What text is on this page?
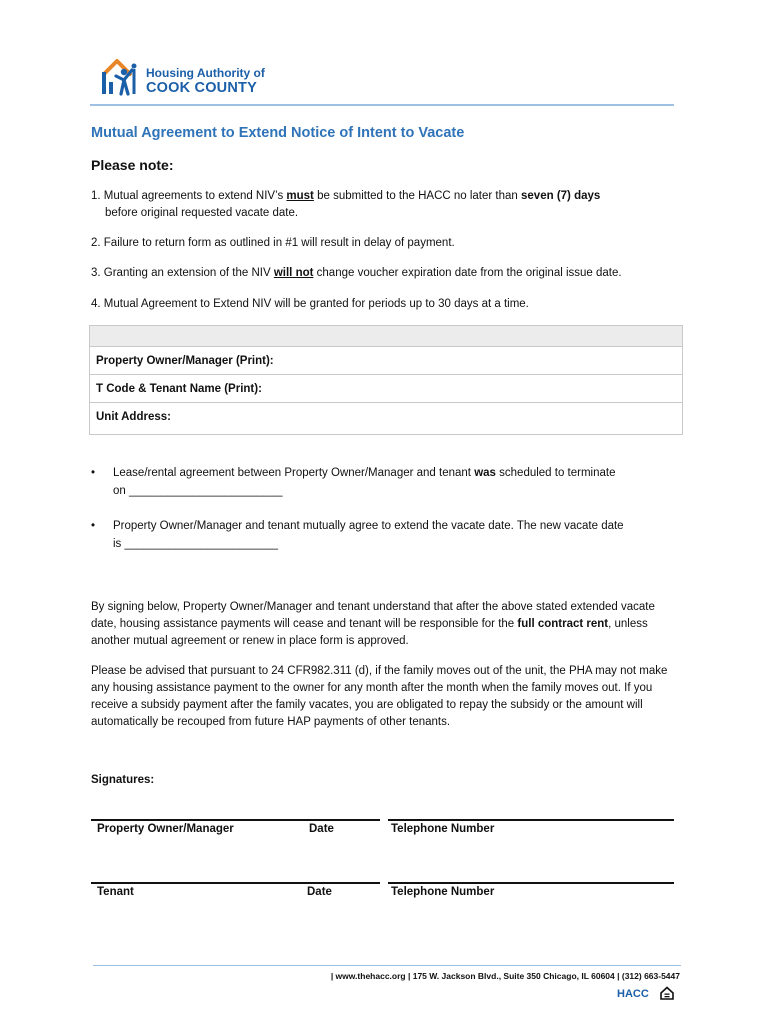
Housing Authority of
COOK COUNTY
Mutual Agreement to Extend Notice of Intent to Vacate
Please note:
1. Mutual agreements to extend NIV’s must be submitted to the HACC no later than seven (7) days
before original requested vacate date.
2. Failure to return form as outlined in #1 will result in delay of payment.
3. Granting an extension of the NIV will not change voucher expiration date from the original issue date.
4. Mutual Agreement to Extend NIV will be granted for periods up to 30 days at a time.
Property Owner/Manager (Print):
T Code & Tenant Name (Print):
Unit Address:
• Lease/rental agreement between Property Owner/Manager and tenant was scheduled to terminate
on ________________________
• Property Owner/Manager and tenant mutually agree to extend the vacate date. The new vacate date
is ________________________
By signing below, Property Owner/Manager and tenant understand that after the above stated extended vacate date, housing assistance payments will cease and tenant will be responsible for the full contract rent, unless another mutual agreement or renew in place form is approved.
Please be advised that pursuant to 24 CFR982.311 (d), if the family moves out of the unit, the PHA may not make any housing assistance payment to the owner for any month after the month when the family moves out. If you receive a subsidy payment after the family vacates, you are obligated to repay the subsidy or the amount will automatically be recouped from future HAP payments of other tenants.
Signatures:
Property Owner/Manager	Date	Telephone Number
Tenant	Date	Telephone Number
| www.thehacc.org | 175 W. Jackson Blvd., Suite 350 Chicago, IL 60604 | (312) 663-5447
HACC
